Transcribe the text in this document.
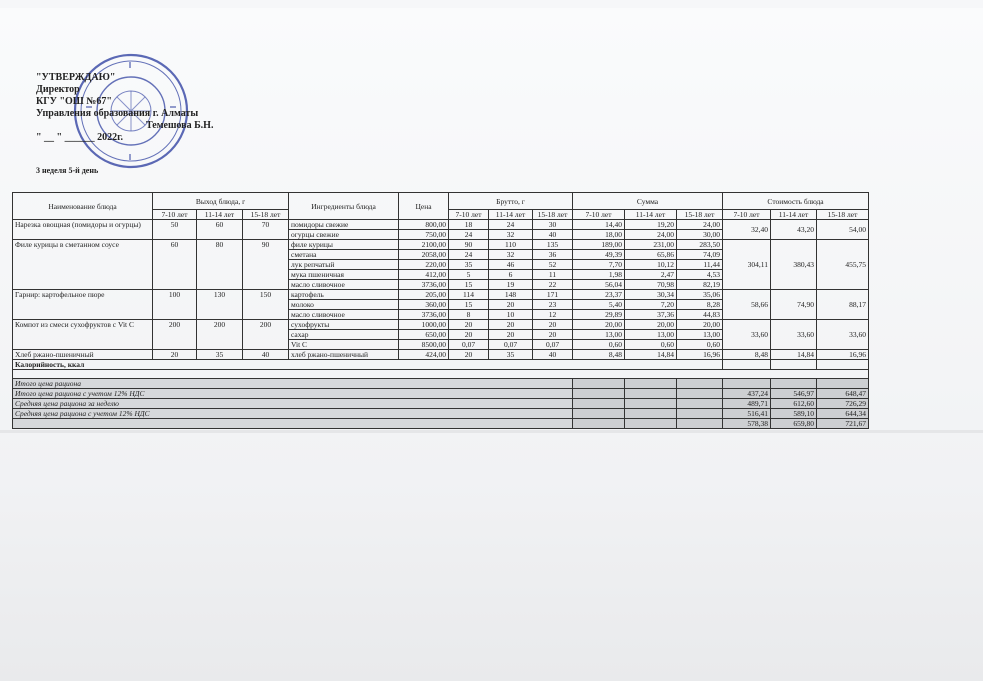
"УТВЕРЖДАЮ"
Директор
КГУ "ОШ №67"
Управления образования г. Алматы
Темешова Б.Н.
" __ " ______ 2022г.
3 неделя 5-й день
Наименование блюда	Выход блюда, г			Ингредиенты блюда	Цена	Брутто, г			Сумма			Стоимость блюда		
	7-10 лет	11-14 лет	15-18 лет			7-10 лет	11-14 лет	15-18 лет	7-10 лет	11-14 лет	15-18 лет	7-10 лет	11-14 лет	15-18 лет
Нарезка овощная (помидоры и огурцы)	50	60	70	помидоры свежие	800,00	18	24	30	14,40	19,20	24,00	32,40	43,20	54,00
				огурцы свежие	750,00	24	32	40	18,00	24,00	30,00			
Филе курицы в сметанном соусе	60	80	90	филе курицы	2100,00	90	110	135	189,00	231,00	283,50	304,11	380,43	455,75
				сметана	2058,00	24	32	36	49,39	65,86	74,09			
				лук репчатый	220,00	35	46	52	7,70	10,12	11,44			
				мука пшеничная	412,00	5	6	11	1,98	2,47	4,53			
				масло сливочное	3736,00	15	19	22	56,04	70,98	82,19			
Гарнир: картофельное пюре	100	130	150	картофель	205,00	114	148	171	23,37	30,34	35,06	58,66	74,90	88,17
				молоко	360,00	15	20	23	5,40	7,20	8,28			
				масло сливочное	3736,00	8	10	12	29,89	37,36	44,83			
Компот из смеси сухофруктов с Vit C	200	200	200	сухофрукты	1000,00	20	20	20	20,00	20,00	20,00	33,60	33,60	33,60
				сахар	650,00	20	20	20	13,00	13,00	13,00			
				Vit C	8500,00	0,07	0,07	0,07	0,60	0,60	0,60			
Хлеб ржано-пшеничный	20	35	40	хлеб ржано-пшеничный	424,00	20	35	40	8,48	14,84	16,96	8,48	14,84	16,96
Калорийность, ккал														

Итого цена рациона														
Итого цена рациона с учетом 12% НДС												437,24	546,97	648,47
Средняя цена рациона за неделю												489,71	612,60	726,29
Средняя цена рациона с учетом 12% НДС												516,41	589,10	644,34
												578,38	659,80	721,67
